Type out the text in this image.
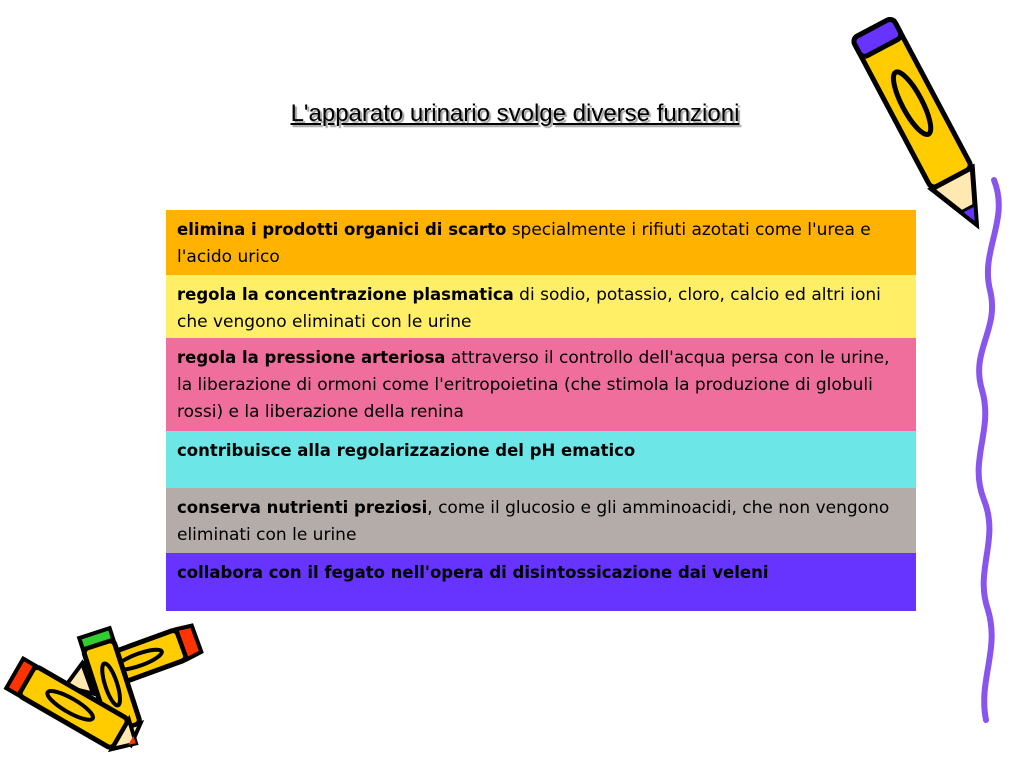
L'apparato urinario svolge diverse funzioni
elimina i prodotti organici di scarto specialmente i rifiuti azotati come l'urea e l'acido urico
regola la concentrazione plasmatica di sodio, potassio, cloro, calcio ed altri ioni che vengono eliminati con le urine
regola la pressione arteriosa attraverso il controllo dell'acqua persa con le urine, la liberazione di ormoni come l'eritropoietina (che stimola la produzione di globuli rossi) e la liberazione della renina
contribuisce alla regolarizzazione del pH ematico
conserva nutrienti preziosi, come il glucosio e gli amminoacidi, che non vengono eliminati con le urine
collabora con il fegato nell'opera di disintossicazione dai veleni
